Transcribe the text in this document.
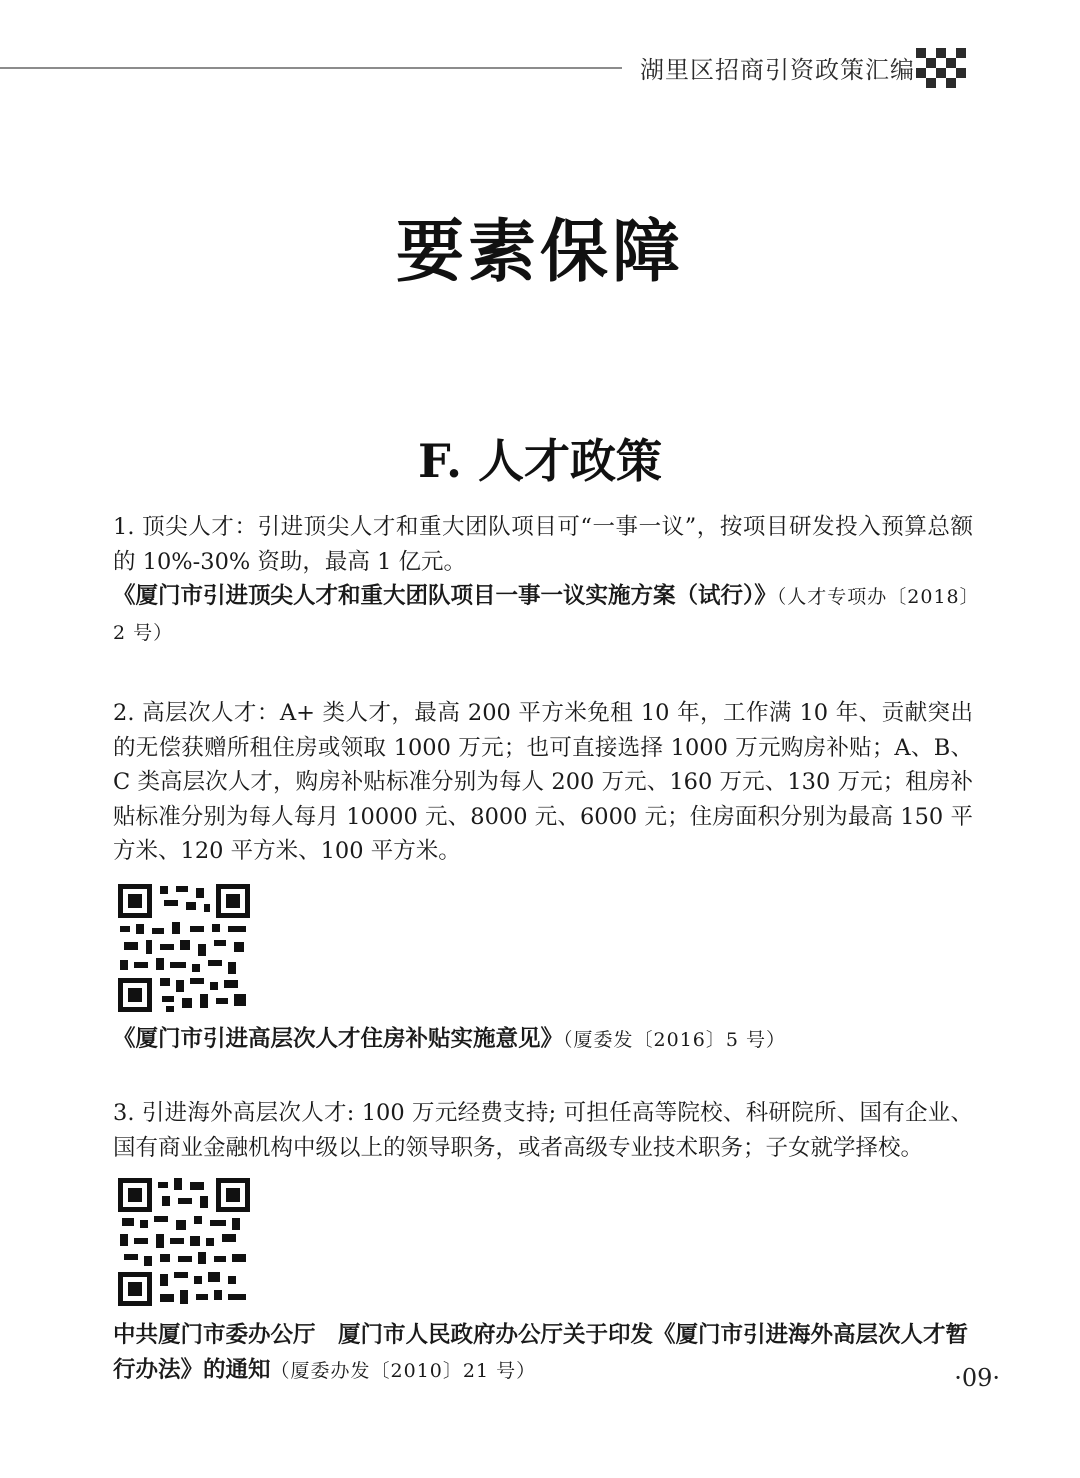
湖里区招商引资政策汇编
要素保障
F. 人才政策

1. 顶尖人才：引进顶尖人才和重大团队项目可“一事一议”，按项目研发投入预算总额的 10%-30% 资助，最高 1 亿元。

《厦门市引进顶尖人才和重大团队项目一事一议实施方案（试行）》（人才专项办〔2018〕2 号）

2. 高层次人才：A+ 类人才，最高 200 平方米免租 10 年，工作满 10 年、贡献突出的无偿获赠所租住房或领取 1000 万元；也可直接选择 1000 万元购房补贴；A、B、C 类高层次人才，购房补贴标准分别为每人 200 万元、160 万元、130 万元；租房补贴标准分别为每人每月 10000 元、8000 元、6000 元；住房面积分别为最高 150 平方米、120 平方米、100 平方米。

《厦门市引进高层次人才住房补贴实施意见》（厦委发〔2016〕5 号）

3. 引进海外高层次人才: 100 万元经费支持; 可担任高等院校、科研院所、国有企业、国有商业金融机构中级以上的领导职务，或者高级专业技术职务；子女就学择校。

中共厦门市委办公厅　厦门市人民政府办公厅关于印发《厦门市引进海外高层次人才暂行办法》的通知（厦委办发〔2010〕21 号）	·09·
